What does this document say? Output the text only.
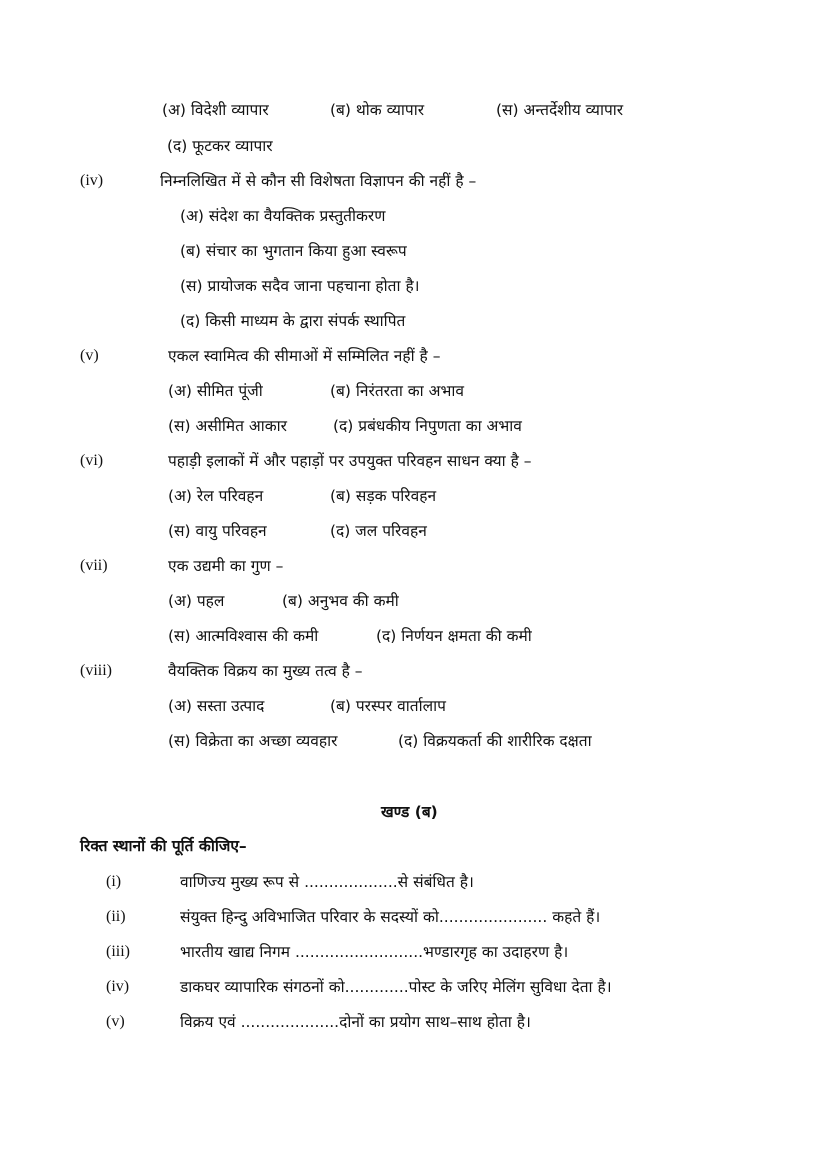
(अ) विदेशी व्यापार	(ब) थोक व्यापार	(स) अन्तर्देशीय व्यापार
(द) फूटकर व्यापार
(iv)	निम्नलिखित में से कौन सी विशेषता विज्ञापन की नहीं है –
(अ) संदेश का वैयक्तिक प्रस्तुतीकरण
(ब) संचार का भुगतान किया हुआ स्वरूप
(स) प्रायोजक सदैव जाना पहचाना होता है।
(द) किसी माध्यम के द्वारा संपर्क स्थापित
(v)	एकल स्वामित्व की सीमाओं में सम्मिलित नहीं है –
(अ) सीमित पूंजी	(ब) निरंतरता का अभाव
(स) असीमित आकार	(द) प्रबंधकीय निपुणता का अभाव
(vi)	पहाड़ी इलाकों में और पहाड़ों पर उपयुक्त परिवहन साधन क्या है –
(अ) रेल परिवहन	(ब) सड़क परिवहन
(स) वायु परिवहन	(द) जल परिवहन
(vii)	एक उद्यमी का गुण –
(अ) पहल	(ब) अनुभव की कमी
(स) आत्मविश्वास की कमी	(द) निर्णयन क्षमता की कमी
(viii)	वैयक्तिक विक्रय का मुख्य तत्व है –
(अ) सस्ता उत्पाद	(ब) परस्पर वार्तालाप
(स) विक्रेता का अच्छा व्यवहार	(द) विक्रयकर्ता की शारीरिक दक्षता
खण्ड (ब)
रिक्त स्थानों की पूर्ति कीजिए–
(i)	वाणिज्य मुख्य रूप से ...................से संबंधित है।
(ii)	संयुक्त हिन्दु अविभाजित परिवार के सदस्यों को...................... कहते हैं।
(iii)	भारतीय खाद्य निगम ..........................भण्डारगृह का उदाहरण है।
(iv)	डाकघर व्यापारिक संगठनों को.............पोस्ट के जरिए मेलिंग सुविधा देता है।
(v)	विक्रय एवं ....................दोनों का प्रयोग साथ–साथ होता है।
